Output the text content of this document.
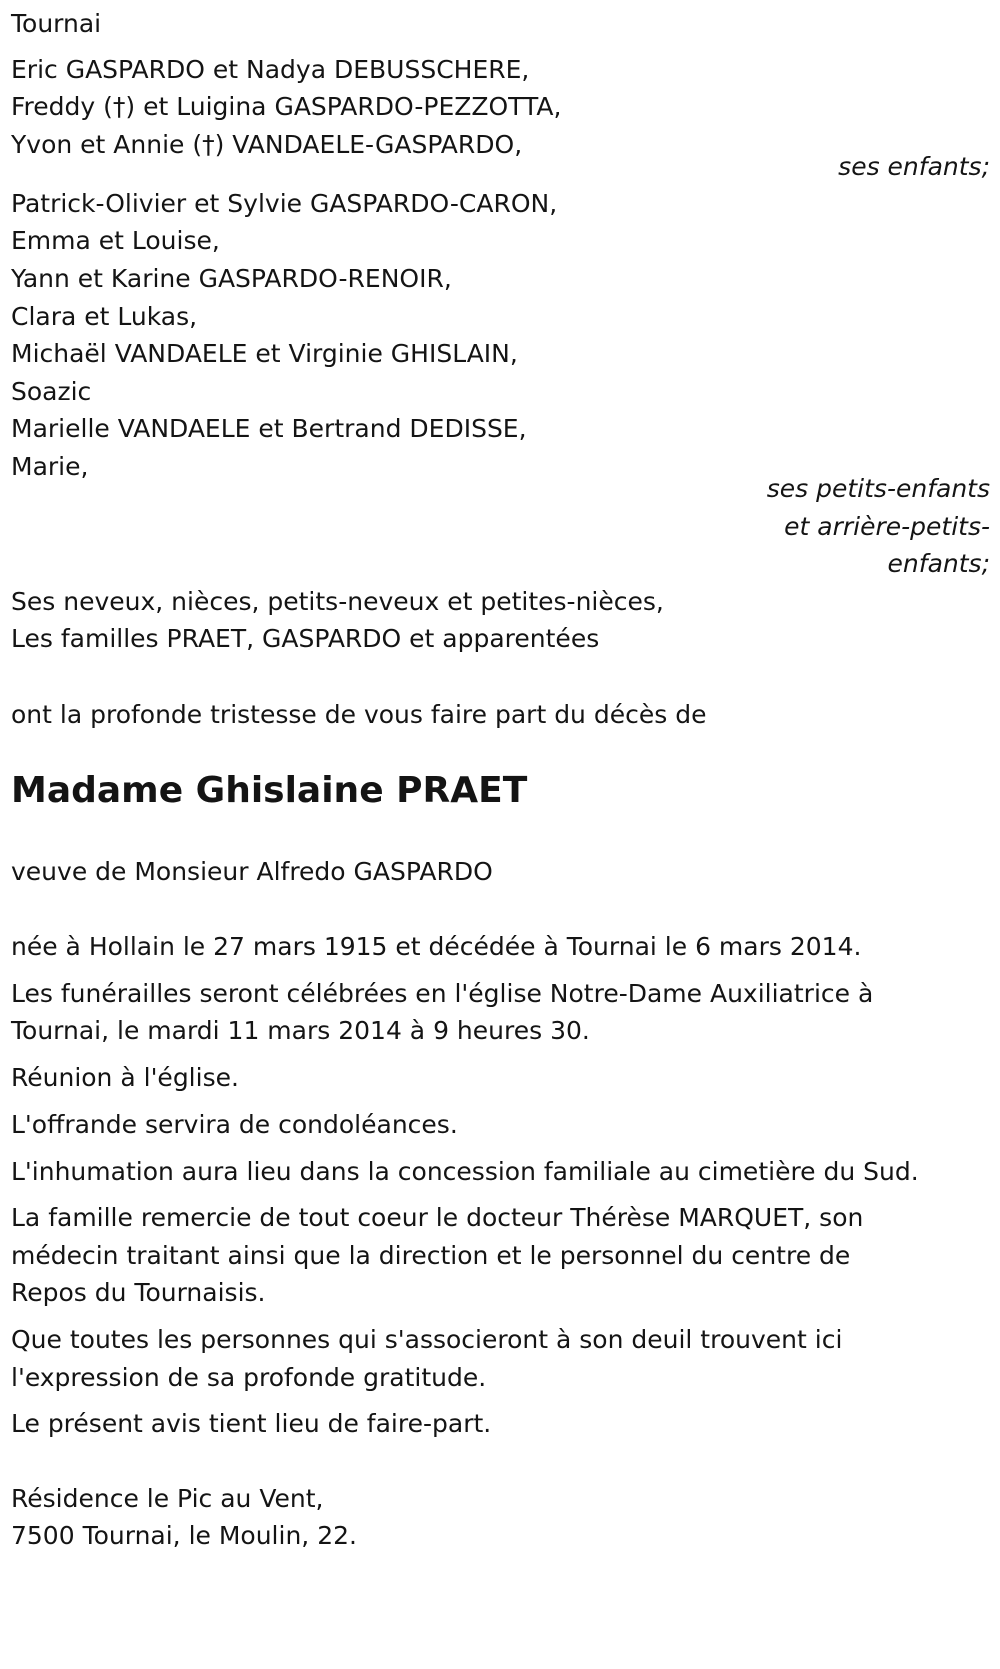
Tournai
Eric GASPARDO et Nadya DEBUSSCHERE,
Freddy (†) et Luigina GASPARDO-PEZZOTTA,
Yvon et Annie (†) VANDAELE-GASPARDO,
ses enfants;
Patrick-Olivier et Sylvie GASPARDO-CARON,
Emma et Louise,
Yann et Karine GASPARDO-RENOIR,
Clara et Lukas,
Michaël VANDAELE et Virginie GHISLAIN,
Soazic
Marielle VANDAELE et Bertrand DEDISSE,
Marie,
ses petits-enfants
et arrière-petits-
enfants;
Ses neveux, nièces, petits-neveux et petites-nièces,
Les familles PRAET, GASPARDO et apparentées
ont la profonde tristesse de vous faire part du décès de
Madame Ghislaine PRAET
veuve de Monsieur Alfredo GASPARDO
née à Hollain le 27 mars 1915 et décédée à Tournai le 6 mars 2014.
Les funérailles seront célébrées en l'église Notre-Dame Auxiliatrice à
Tournai, le mardi 11 mars 2014 à 9 heures 30.
Réunion à l'église.
L'offrande servira de condoléances.
L'inhumation aura lieu dans la concession familiale au cimetière du Sud.
La famille remercie de tout coeur le docteur Thérèse MARQUET, son
médecin traitant ainsi que la direction et le personnel du centre de
Repos du Tournaisis.
Que toutes les personnes qui s'associeront à son deuil trouvent ici
l'expression de sa profonde gratitude.
Le présent avis tient lieu de faire-part.
Résidence le Pic au Vent,
7500 Tournai, le Moulin, 22.
